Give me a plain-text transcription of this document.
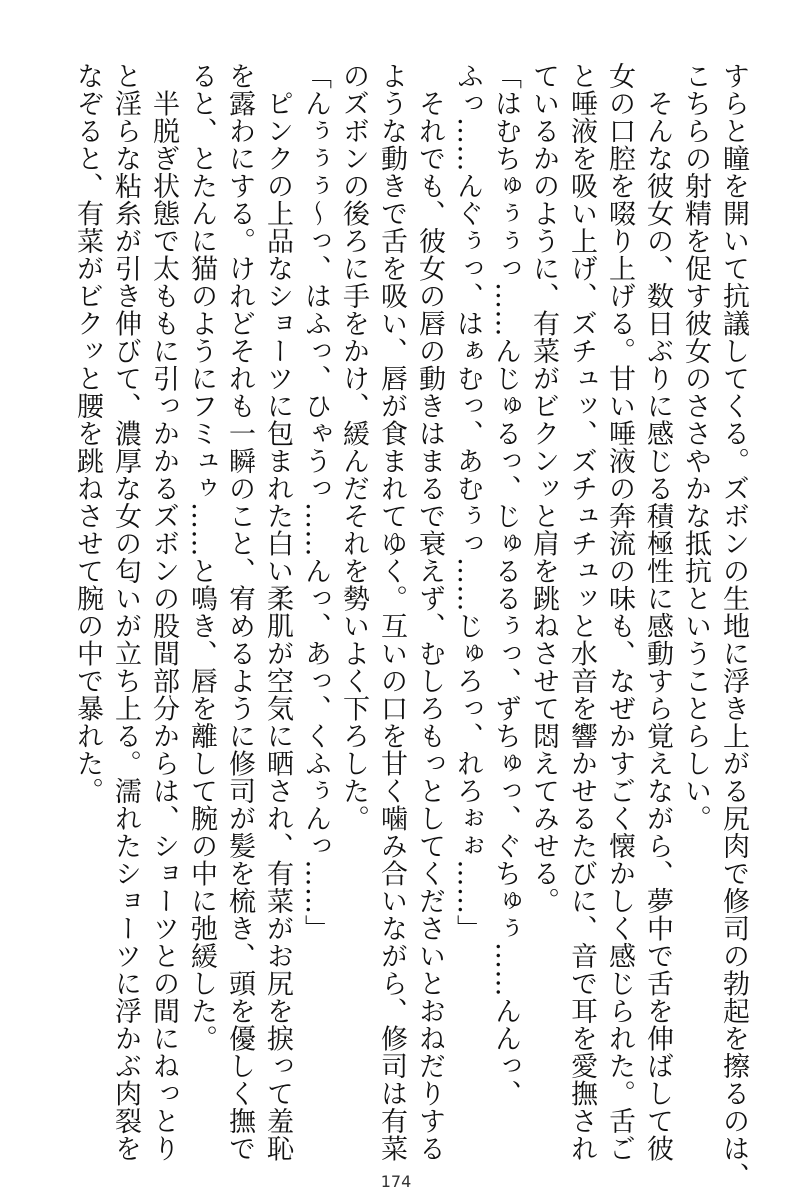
すらと瞳を開いて抗議してくる。ズボンの生地に浮き上がる尻肉で修司の勃起を擦るのは、
こちらの射精を促す彼女のささやかな抵抗ということらしい。
　そんな彼女の、数日ぶりに感じる積極性に感動すら覚えながら、夢中で舌を伸ばして彼
女の口腔を啜り上げる。甘い唾液の奔流の味も、なぜかすごく懐かしく感じられた。舌ご
と唾液を吸い上げ、ズチュッ、ズチュチュッと水音を響かせるたびに、音で耳を愛撫され
ているかのように、有菜がビクンッと肩を跳ねさせて悶えてみせる。
「はむちゅぅぅっ……んじゅるっ、じゅるるぅっ、ずちゅっ、ぐちゅぅ……んんっ、
ふっ……んぐぅっ、はぁむっ、あむぅっ……じゅろっ、れろぉぉ……」
　それでも、彼女の唇の動きはまるで衰えず、むしろもっとしてくださいとおねだりする
ような動きで舌を吸い、唇が食まれてゆく。互いの口を甘く噛み合いながら、修司は有菜
のズボンの後ろに手をかけ、緩んだそれを勢いよく下ろした。
「んぅぅぅ〜っ、はふっ、ひゃうっ……んっ、あっ、くふぅんっ……」
　ピンクの上品なショーツに包まれた白い柔肌が空気に晒され、有菜がお尻を捩って羞恥
を露わにする。けれどそれも一瞬のこと、宥めるように修司が髪を梳き、頭を優しく撫で
ると、とたんに猫のようにフミュゥ……と鳴き、唇を離して腕の中に弛緩した。
　半脱ぎ状態で太ももに引っかかるズボンの股間部分からは、ショーツとの間にねっとり
と淫らな粘糸が引き伸びて、濃厚な女の匂いが立ち上る。濡れたショーツに浮かぶ肉裂を
なぞると、有菜がビクッと腰を跳ねさせて腕の中で暴れた。
174
